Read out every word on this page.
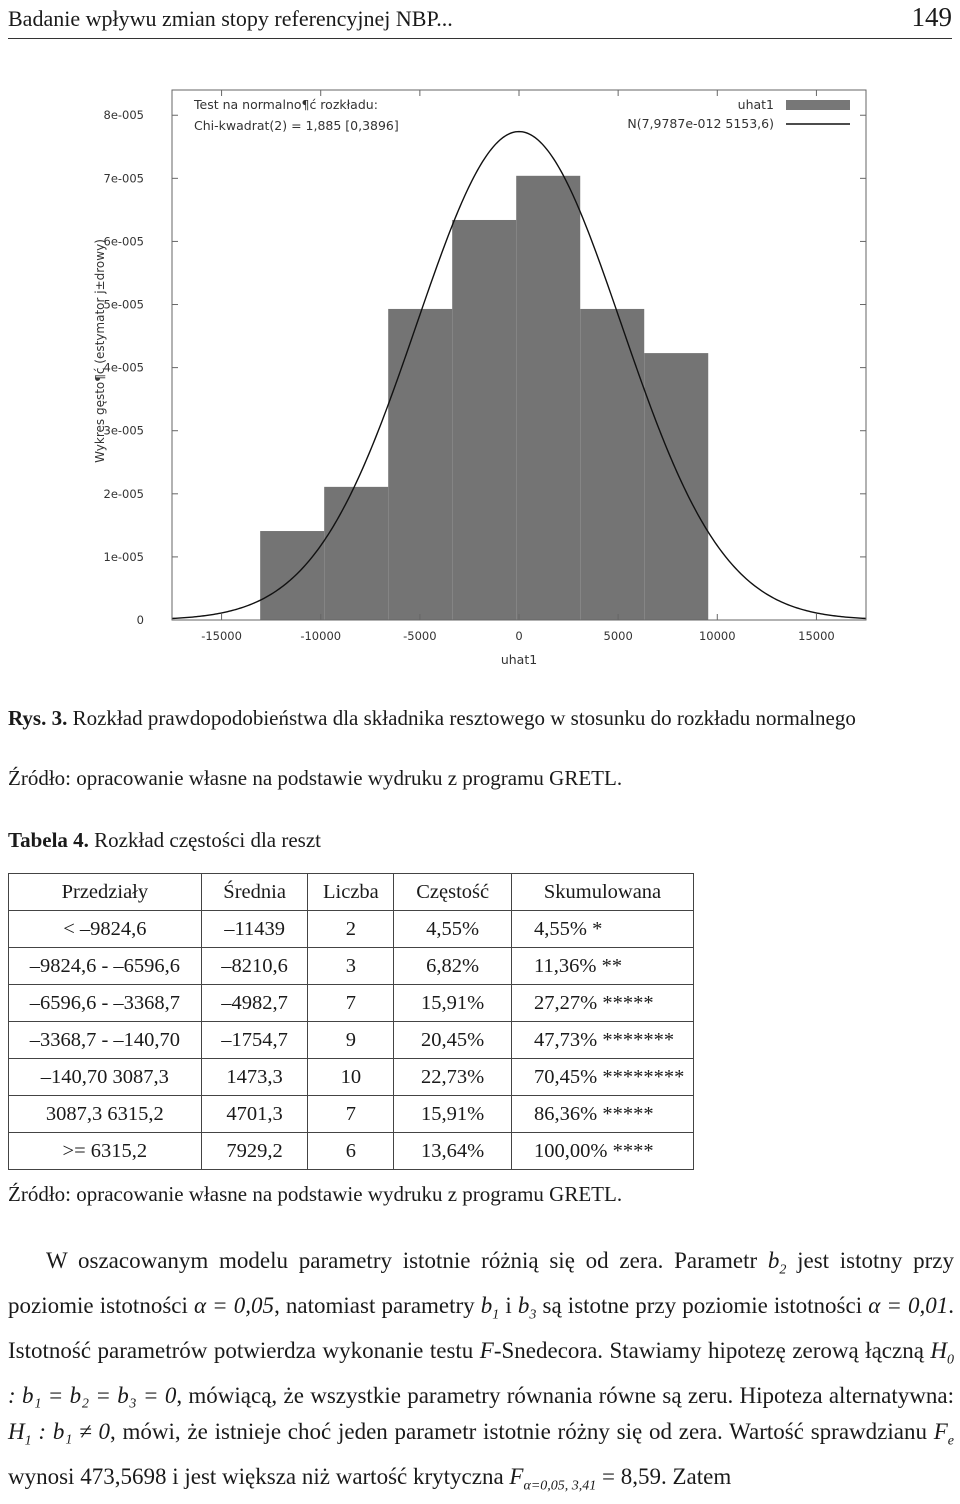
Badanie wpływu zmian stopy referencyjnej NBP...	149
0
1e-005
2e-005
3e-005
4e-005
5e-005
6e-005
7e-005
8e-005
-15000	-10000	-5000	0	5000	10000	15000
Wykres gęsto¶ć (estymator j±drowy)
uhat1
Test na normalno¶ć rozkładu:
Chi-kwadrat(2) = 1,885 [0,3896]
uhat1
N(7,9787e-012 5153,6)
Rys. 3. Rozkład prawdopodobieństwa dla składnika resztowego w stosunku do rozkładu normalnego
Źródło: opracowanie własne na podstawie wydruku z programu GRETL.
Tabela 4. Rozkład częstości dla reszt
Przedziały	Średnia	Liczba	Częstość	Skumulowana
< –9824,6	–11439	2	4,55%	4,55% *
–9824,6 - –6596,6	–8210,6	3	6,82%	11,36% **
–6596,6 - –3368,7	–4982,7	7	15,91%	27,27% *****
–3368,7 - –140,70	–1754,7	9	20,45%	47,73% *******
–140,70 3087,3	1473,3	10	22,73%	70,45% ********
3087,3 6315,2	4701,3	7	15,91%	86,36% *****
>= 6315,2	7929,2	6	13,64%	100,00% ****
Źródło: opracowanie własne na podstawie wydruku z programu GRETL.

W oszacowanym modelu parametry istotnie różnią się od zera. Parametr $b_2$ jest istotny przy poziomie istotności α = 0,05, natomiast parametry $b_1$ i $b_3$ są istotne przy poziomie istotności α = 0,01. Istotność parametrów potwierdza wykonanie testu F-Snedecora. Stawiamy hipotezę zerową łączną $H_0$ : b₁ = b₂ = b₃ = 0, mówiącą, że wszystkie parametry równania równe są zeru. Hipoteza alternatywna: $H_1$ : b₁ ≠ 0, mówi, że istnieje choć jeden parametr istotnie różny się od zera. Wartość sprawdzianu $F_e$ wynosi 473,5698 i jest większa niż wartość krytyczna $F_{\alpha=0,05, 3,41} = 8,59$. Zatem
